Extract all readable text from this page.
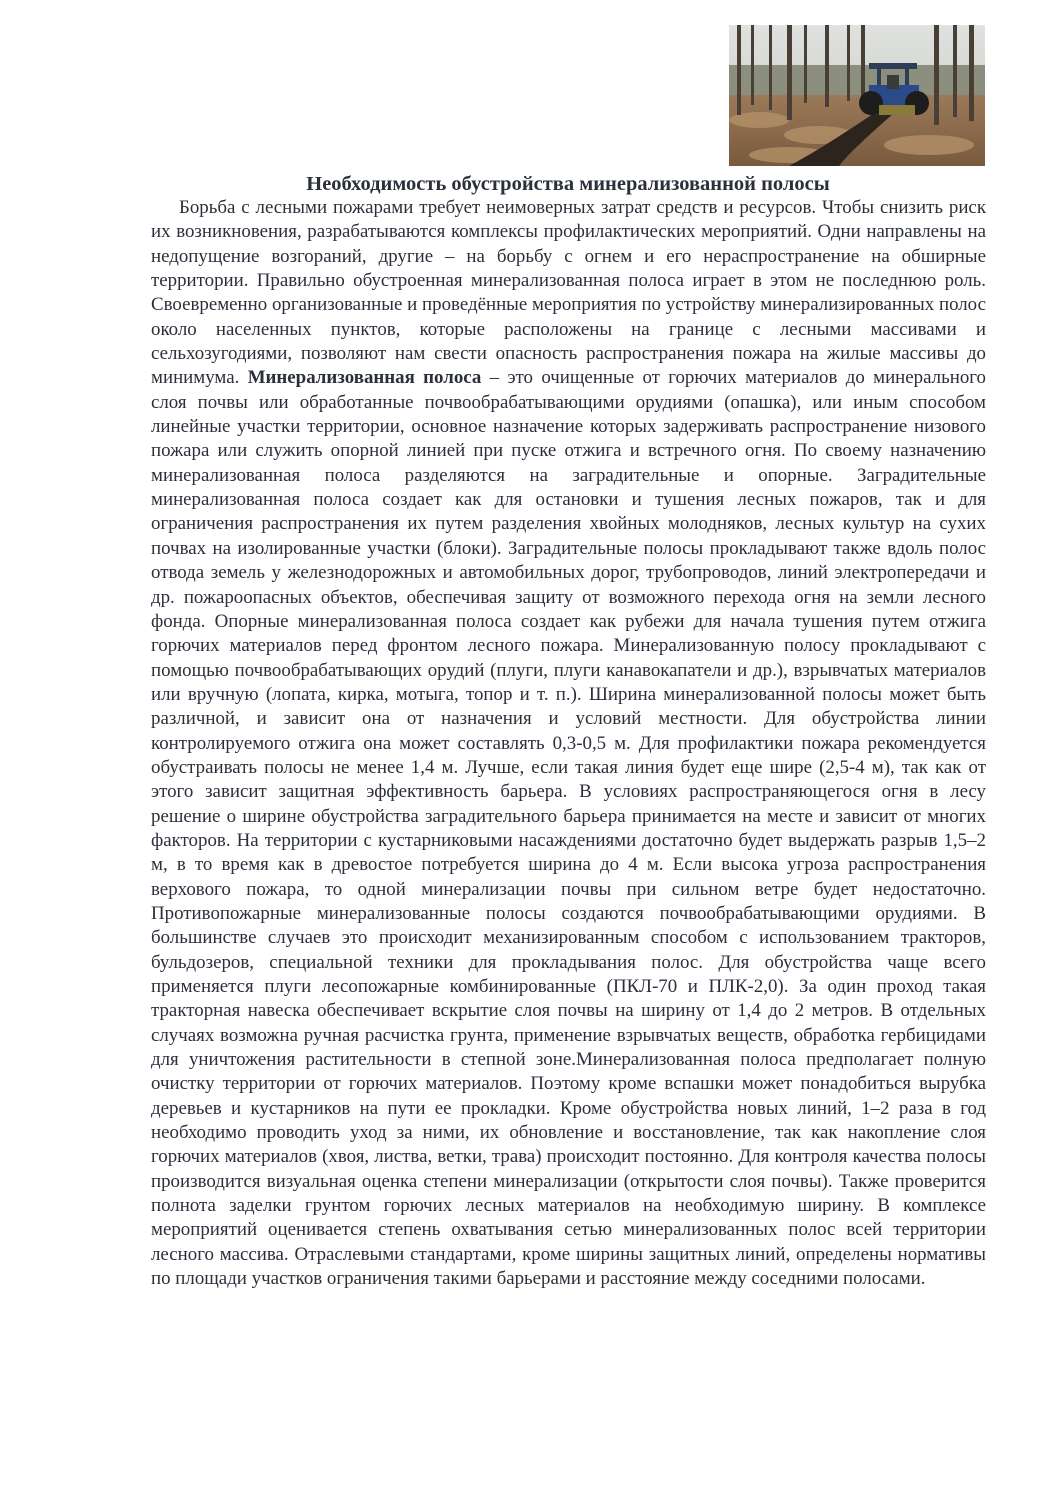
Необходимость обустройства минерализованной полосы

Борьба с лесными пожарами требует неимоверных затрат средств и ресурсов. Чтобы снизить риск их возникновения, разрабатываются комплексы профилактических мероприятий. Одни направлены на недопущение возгораний, другие – на борьбу с огнем и его нераспространение на обширные территории. Правильно обустроенная минерализованная полоса играет в этом не последнюю роль. Своевременно организованные и проведённые мероприятия по устройству минерализированных полос около населенных пунктов, которые расположены на границе с лесными массивами и сельхозугодиями, позволяют нам свести опасность распространения пожара на жилые массивы до минимума. Минерализованная полоса – это очищенные от горючих материалов до минерального слоя почвы или обработанные почвообрабатывающими орудиями (опашка), или иным способом линейные участки территории, основное назначение которых задерживать распространение низового пожара или служить опорной линией при пуске отжига и встречного огня. По своему назначению минерализованная полоса разделяются на заградительные и опорные. Заградительные минерализованная полоса создает как для остановки и тушения лесных пожаров, так и для ограничения распространения их путем разделения хвойных молодняков, лесных культур на сухих почвах на изолированные участки (блоки). Заградительные полосы прокладывают также вдоль полос отвода земель у железнодорожных и автомобильных дорог, трубопроводов, линий электропередачи и др. пожароопасных объектов, обеспечивая защиту от возможного перехода огня на земли лесного фонда. Опорные минерализованная полоса создает как рубежи для начала тушения путем отжига горючих материалов перед фронтом лесного пожара. Минерализованную полосу прокладывают с помощью почвообрабатывающих орудий (плуги, плуги канавокапатели и др.), взрывчатых материалов или вручную (лопата, кирка, мотыга, топор и т. п.). Ширина минерализованной полосы может быть различной, и зависит она от назначения и условий местности. Для обустройства линии контролируемого отжига она может составлять 0,3-0,5 м. Для профилактики пожара рекомендуется обустраивать полосы не менее 1,4 м. Лучше, если такая линия будет еще шире (2,5-4 м), так как от этого зависит защитная эффективность барьера. В условиях распространяющегося огня в лесу решение о ширине обустройства заградительного барьера принимается на месте и зависит от многих факторов. На территории с кустарниковыми насаждениями достаточно будет выдержать разрыв 1,5–2 м, в то время как в древостое потребуется ширина до 4 м. Если высока угроза распространения верхового пожара, то одной минерализации почвы при сильном ветре будет недостаточно. Противопожарные минерализованные полосы создаются почвообрабатывающими орудиями. В большинстве случаев это происходит механизированным способом с использованием тракторов, бульдозеров, специальной техники для прокладывания полос. Для обустройства чаще всего применяется плуги лесопожарные комбинированные (ПКЛ-70 и ПЛК-2,0). За один проход такая тракторная навеска обеспечивает вскрытие слоя почвы на ширину от 1,4 до 2 метров. В отдельных случаях возможна ручная расчистка грунта, применение взрывчатых веществ, обработка гербицидами для уничтожения растительности в степной зоне.Минерализованная полоса предполагает полную очистку территории от горючих материалов. Поэтому кроме вспашки может понадобиться вырубка деревьев и кустарников на пути ее прокладки. Кроме обустройства новых линий, 1–2 раза в год необходимо проводить уход за ними, их обновление и восстановление, так как накопление слоя горючих материалов (хвоя, листва, ветки, трава) происходит постоянно. Для контроля качества полосы производится визуальная оценка степени минерализации (открытости слоя почвы). Также проверится полнота заделки грунтом горючих лесных материалов на необходимую ширину. В комплексе мероприятий оценивается степень охватывания сетью минерализованных полос всей территории лесного массива. Отраслевыми стандартами, кроме ширины защитных линий, определены нормативы по площади участков ограничения такими барьерами и расстояние между соседними полосами.
